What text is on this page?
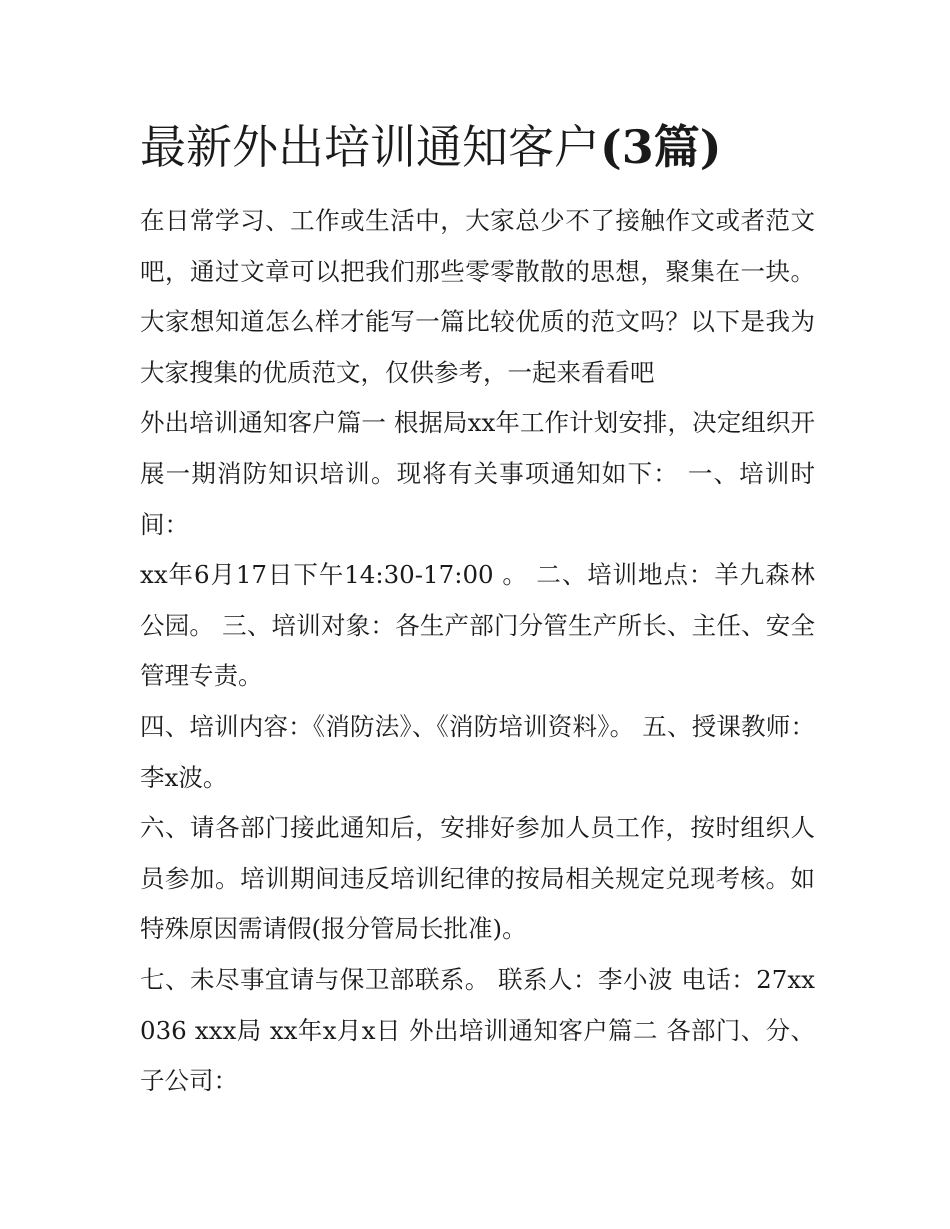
最新外出培训通知客户(3篇)

在日常学习、工作或生活中，大家总少不了接触作文或者范文吧，通过文章可以把我们那些零零散散的思想，聚集在一块。大家想知道怎么样才能写一篇比较优质的范文吗？以下是我为大家搜集的优质范文，仅供参考，一起来看看吧

外出培训通知客户篇一 根据局xx年工作计划安排，决定组织开展一期消防知识培训。现将有关事项通知如下： 一、培训时间：

xx年6月17日下午14:30-17:00 。 二、培训地点：羊九森林公园。 三、培训对象：各生产部门分管生产所长、主任、安全管理专责。

四、培训内容：《消防法》、《消防培训资料》。 五、授课教师：李x波。

六、请各部门接此通知后，安排好参加人员工作，按时组织人员参加。培训期间违反培训纪律的按局相关规定兑现考核。如特殊原因需请假(报分管局长批准)。

七、未尽事宜请与保卫部联系。 联系人：李小波 电话：27xx036 xxx局 xx年x月x日 外出培训通知客户篇二 各部门、分、子公司：
